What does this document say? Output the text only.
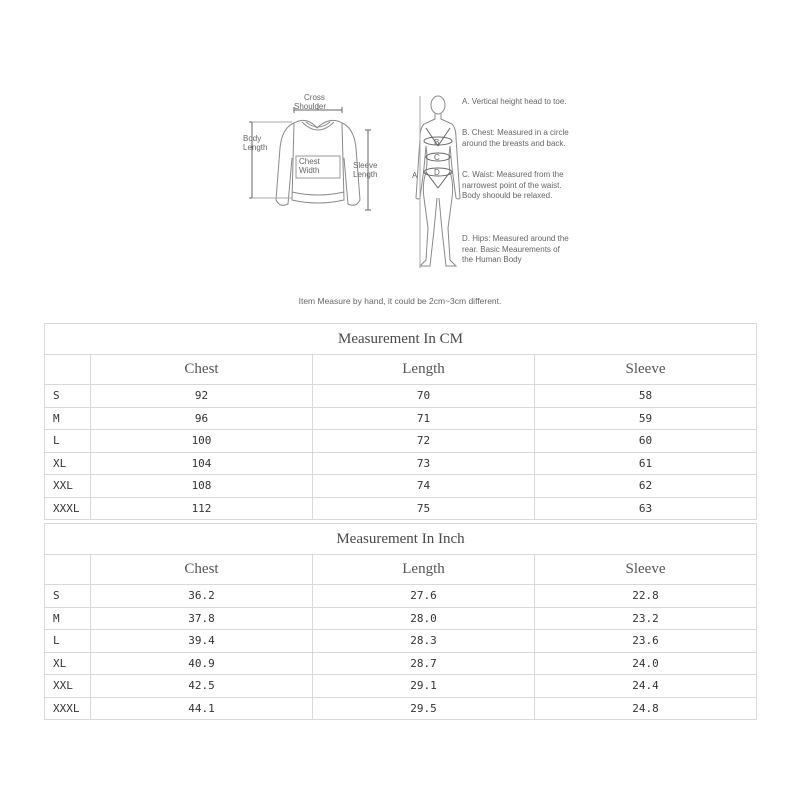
Cross
Shoulder
Body
Length
Chest
Width
Sleeve
Length	A
B
C
D
A. Vertical height head to toe.
B. Chest: Measured in a circle around the breasts and back.
C. Waist: Measured from the narrowest point of the waist. Body shoould be relaxed.
D. Hips: Measured around the rear. Basic Meaurements of the Human Body
Item Measure by hand, it could be 2cm~3cm different.
Measurement In CM			
	Chest	Length	Sleeve
S	92	70	58
M	96	71	59
L	100	72	60
XL	104	73	61
XXL	108	74	62
XXXL	112	75	63
Measurement In Inch			
	Chest	Length	Sleeve
S	36.2	27.6	22.8
M	37.8	28.0	23.2
L	39.4	28.3	23.6
XL	40.9	28.7	24.0
XXL	42.5	29.1	24.4
XXXL	44.1	29.5	24.8
